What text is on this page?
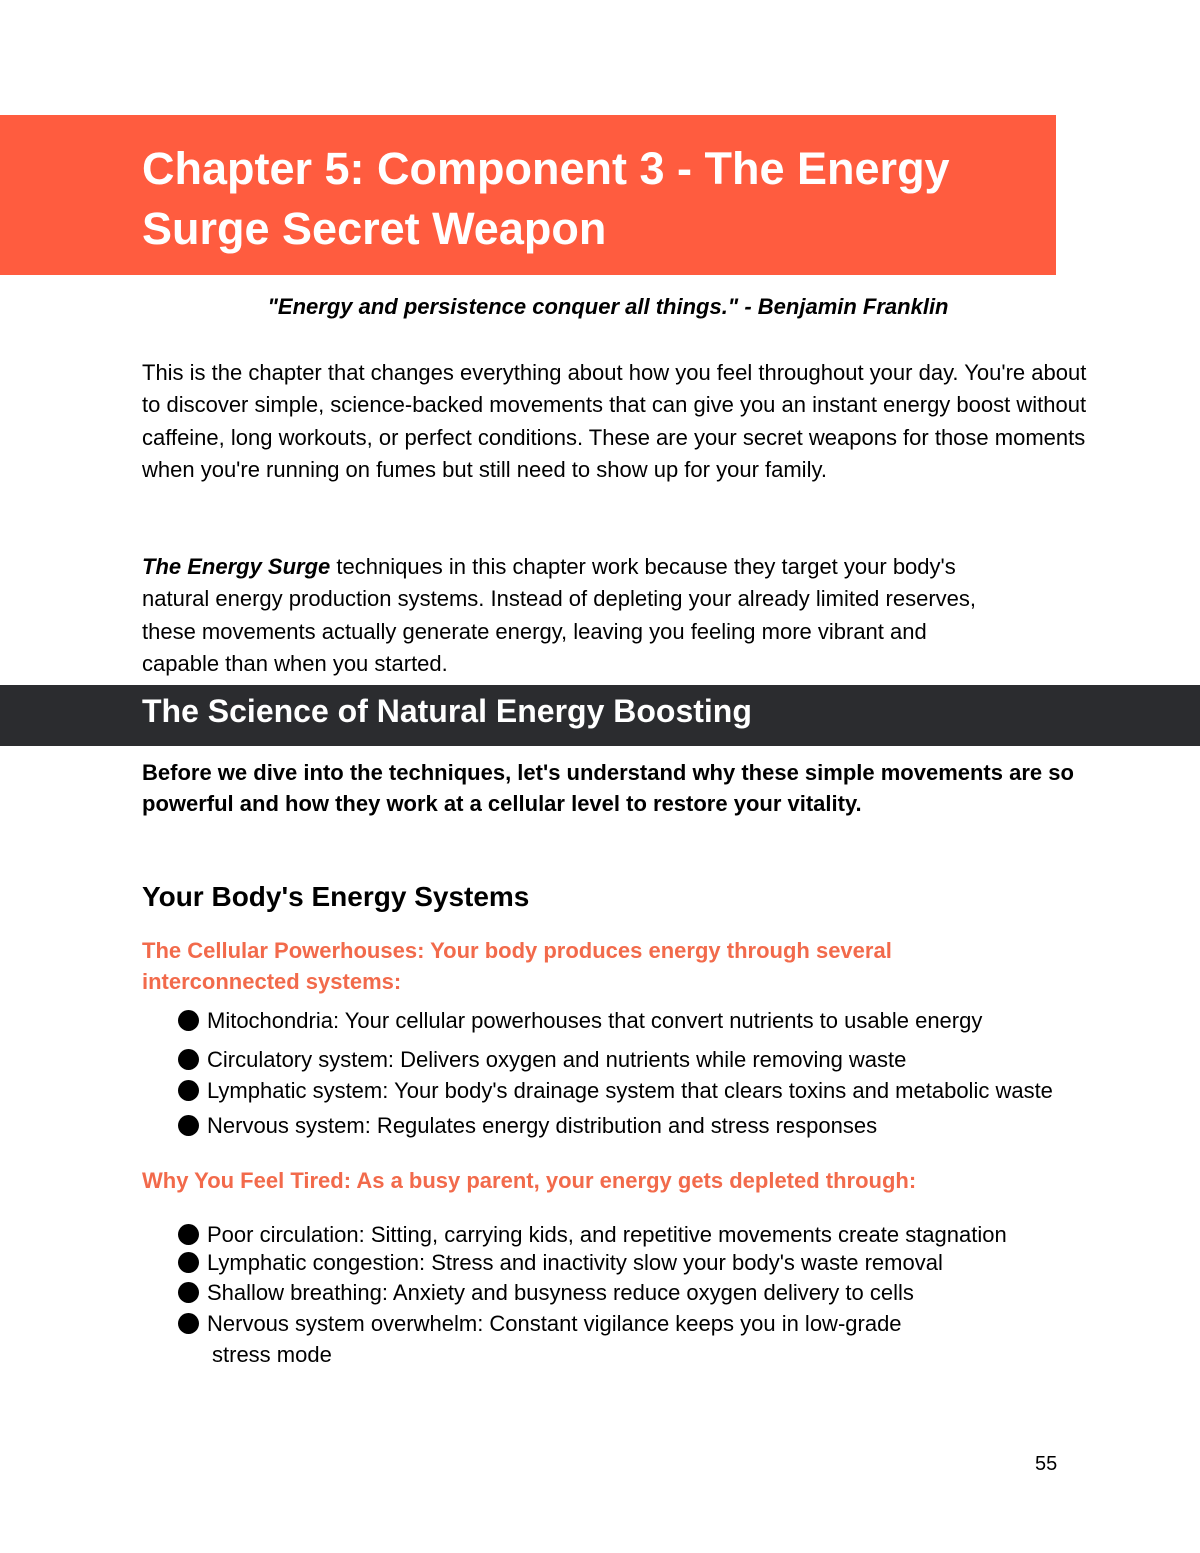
Chapter 5: Component 3 - The Energy
Surge Secret Weapon
"Energy and persistence conquer all things." - Benjamin Franklin

This is the chapter that changes everything about how you feel throughout your day. You're about to discover simple, science-backed movements that can give you an instant energy boost without caffeine, long workouts, or perfect conditions. These are your secret weapons for those moments when you're running on fumes but still need to show up for your family.

The Energy Surge techniques in this chapter work because they target your body's natural energy production systems. Instead of depleting your already limited reserves, these movements actually generate energy, leaving you feeling more vibrant and capable than when you started.

The Science of Natural Energy Boosting

Before we dive into the techniques, let's understand why these simple movements are so powerful and how they work at a cellular level to restore your vitality.

Your Body's Energy Systems

The Cellular Powerhouses: Your body produces energy through several interconnected systems:

Mitochondria: Your cellular powerhouses that convert nutrients to usable energy
Circulatory system: Delivers oxygen and nutrients while removing waste
Lymphatic system: Your body's drainage system that clears toxins and metabolic waste
Nervous system: Regulates energy distribution and stress responses

Why You Feel Tired: As a busy parent, your energy gets depleted through:

Poor circulation: Sitting, carrying kids, and repetitive movements create stagnation
Lymphatic congestion: Stress and inactivity slow your body's waste removal
Shallow breathing: Anxiety and busyness reduce oxygen delivery to cells
Nervous system overwhelm: Constant vigilance keeps you in low-grade
stress mode
55
